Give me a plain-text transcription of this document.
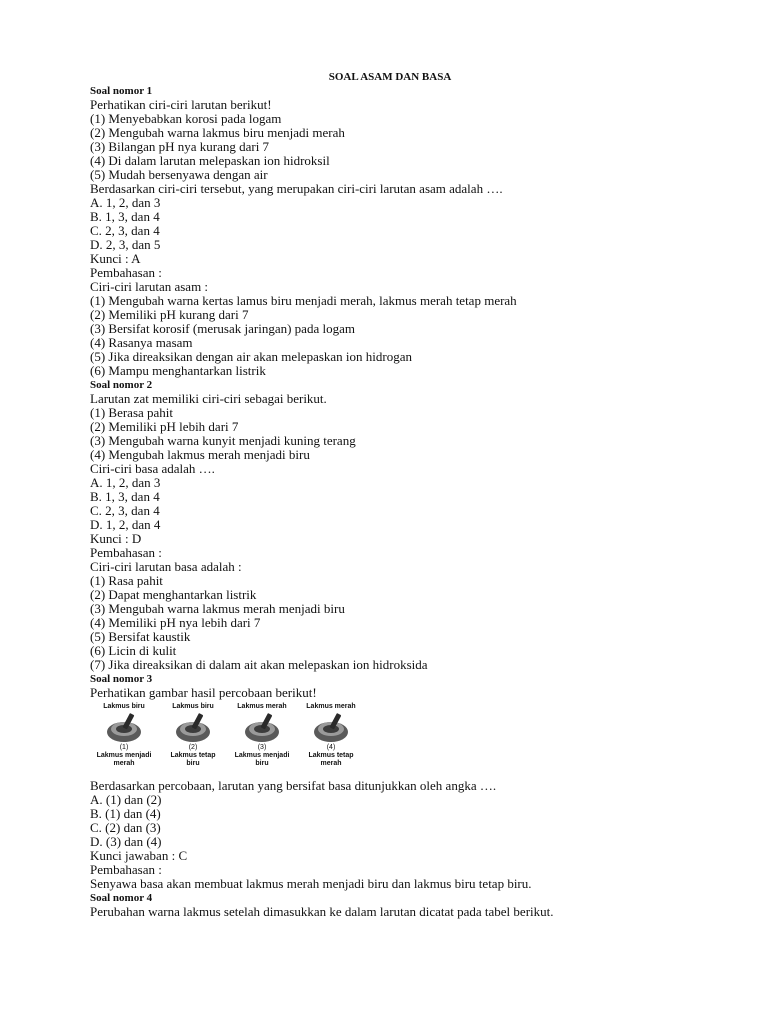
SOAL ASAM DAN BASA

Soal nomor 1

Perhatikan ciri-ciri larutan berikut!

(1) Menyebabkan korosi pada logam

(2) Mengubah warna lakmus biru menjadi merah

(3) Bilangan pH nya kurang dari 7

(4) Di dalam larutan melepaskan ion hidroksil

(5) Mudah bersenyawa dengan air

Berdasarkan ciri-ciri tersebut, yang merupakan ciri-ciri larutan asam adalah ….

A. 1, 2, dan 3

B. 1, 3, dan 4

C. 2, 3, dan 4

D. 2, 3, dan 5

Kunci : A

Pembahasan :

Ciri-ciri larutan asam :

(1) Mengubah warna kertas lamus biru menjadi merah, lakmus merah tetap merah

(2) Memiliki pH kurang dari 7

(3) Bersifat korosif (merusak jaringan) pada logam

(4) Rasanya masam

(5) Jika direaksikan dengan air akan melepaskan ion hidrogan

(6) Mampu menghantarkan listrik

Soal nomor 2

Larutan zat memiliki ciri-ciri sebagai berikut.

(1) Berasa pahit

(2) Memiliki pH lebih dari 7

(3) Mengubah warna kunyit menjadi kuning terang

(4) Mengubah lakmus merah menjadi biru

Ciri-ciri basa adalah ….

A. 1, 2, dan 3

B. 1, 3, dan 4

C. 2, 3, dan 4

D. 1, 2, dan 4

Kunci : D

Pembahasan :

Ciri-ciri larutan basa adalah :

(1) Rasa pahit

(2) Dapat menghantarkan listrik

(3) Mengubah warna lakmus merah menjadi biru

(4) Memiliki pH nya lebih dari 7

(5) Bersifat kaustik

(6) Licin di kulit

(7) Jika direaksikan di dalam ait akan melepaskan ion hidroksida

Soal nomor 3

Perhatikan gambar hasil percobaan berikut!

Lakmus biru

(1)

Lakmus menjadi

merah

Lakmus biru

(2)

Lakmus tetap

biru

Lakmus merah

(3)

Lakmus menjadi

biru

Lakmus merah

(4)

Lakmus tetap

merah

Berdasarkan percobaan, larutan yang bersifat basa ditunjukkan oleh angka ….

A. (1) dan (2)

B. (1) dan (4)

C. (2) dan (3)

D. (3) dan (4)

Kunci jawaban : C

Pembahasan :

Senyawa basa akan membuat lakmus merah menjadi biru dan lakmus biru tetap biru.

Soal nomor 4

Perubahan warna lakmus setelah dimasukkan ke dalam larutan dicatat pada tabel berikut.
